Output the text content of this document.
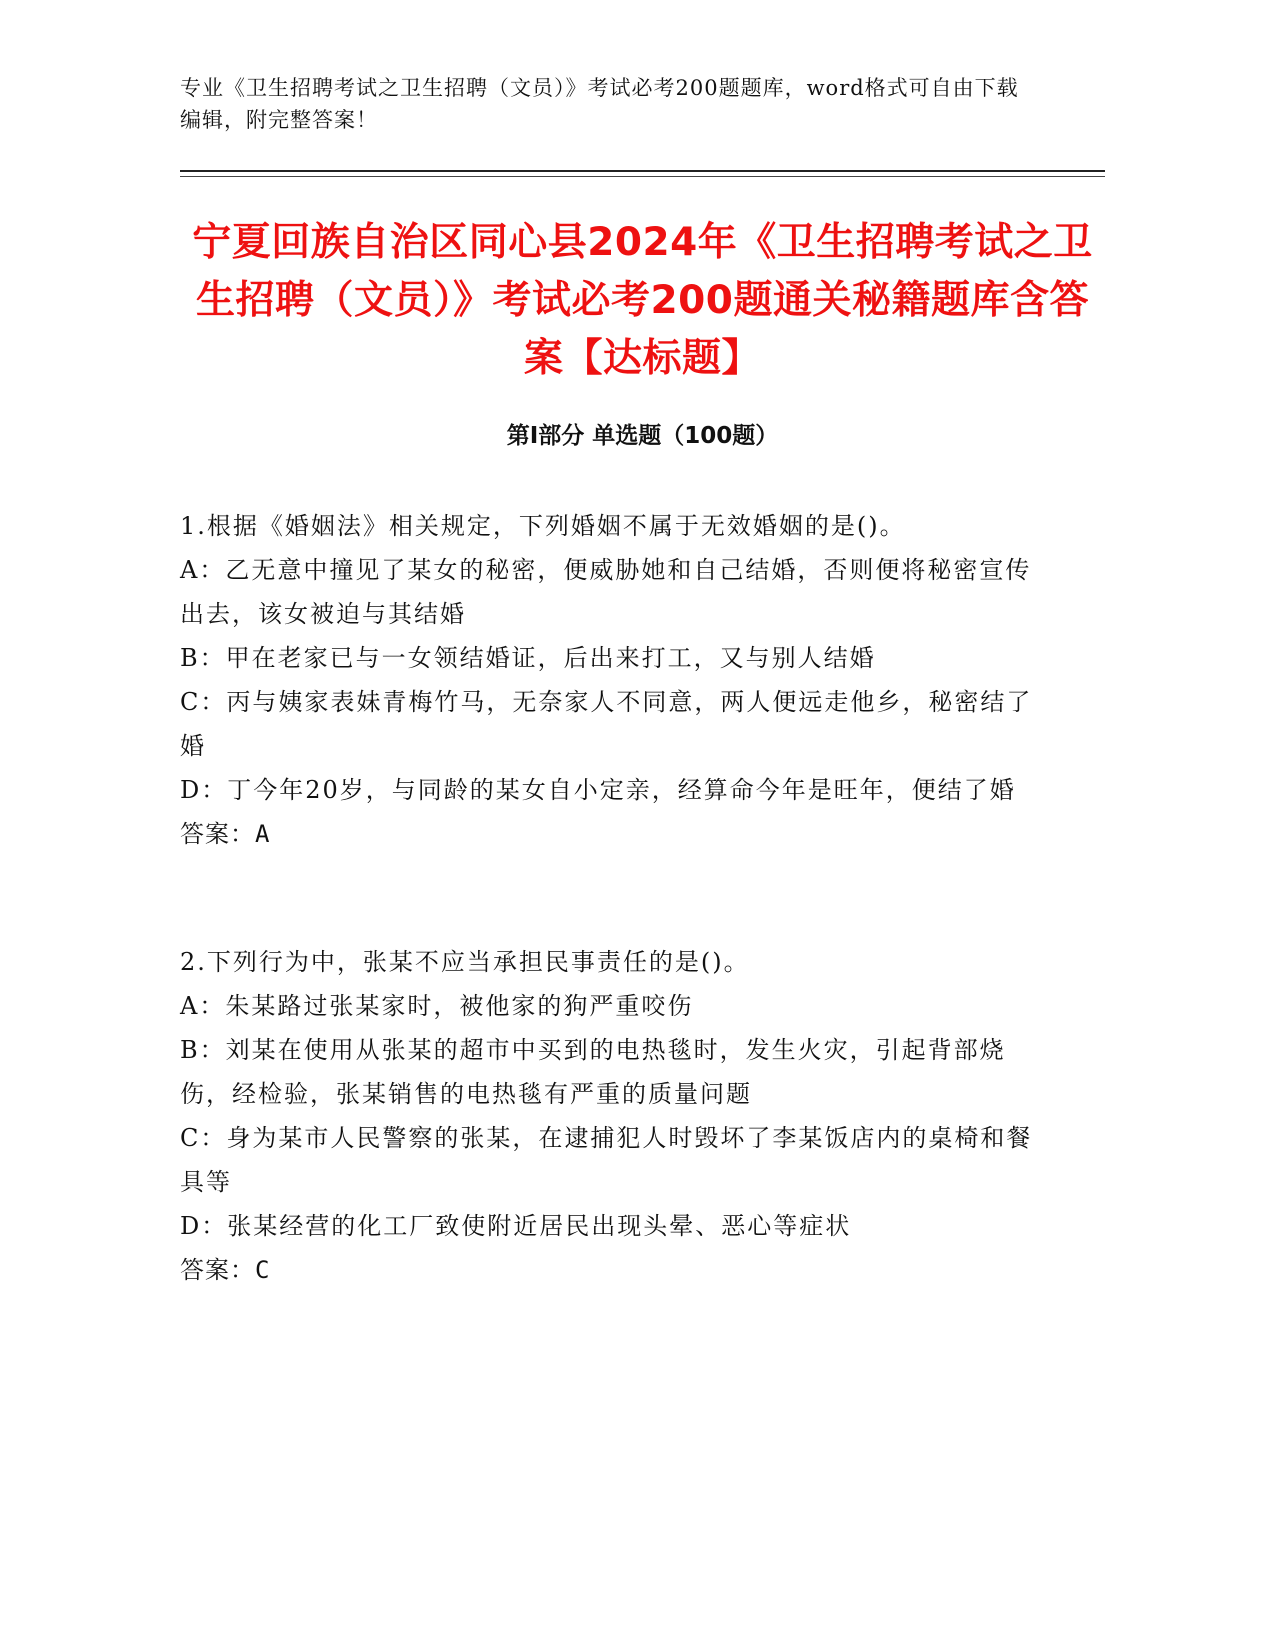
专业《卫生招聘考试之卫生招聘（文员）》考试必考200题题库，word格式可自由下载编辑，附完整答案！
宁夏回族自治区同心县2024年《卫生招聘考试之卫生招聘（文员）》考试必考200题通关秘籍题库含答案【达标题】
第I部分 单选题（100题）

1.根据《婚姻法》相关规定，下列婚姻不属于无效婚姻的是()。

A：乙无意中撞见了某女的秘密，便威胁她和自己结婚，否则便将秘密宣传出去，该女被迫与其结婚

B：甲在老家已与一女领结婚证，后出来打工，又与别人结婚

C：丙与姨家表妹青梅竹马，无奈家人不同意，两人便远走他乡，秘密结了婚

D：丁今年20岁，与同龄的某女自小定亲，经算命今年是旺年，便结了婚

答案：A

2.下列行为中，张某不应当承担民事责任的是()。

A：朱某路过张某家时，被他家的狗严重咬伤

B：刘某在使用从张某的超市中买到的电热毯时，发生火灾，引起背部烧伤，经检验，张某销售的电热毯有严重的质量问题

C：身为某市人民警察的张某，在逮捕犯人时毁坏了李某饭店内的桌椅和餐具等

D：张某经营的化工厂致使附近居民出现头晕、恶心等症状

答案：C
